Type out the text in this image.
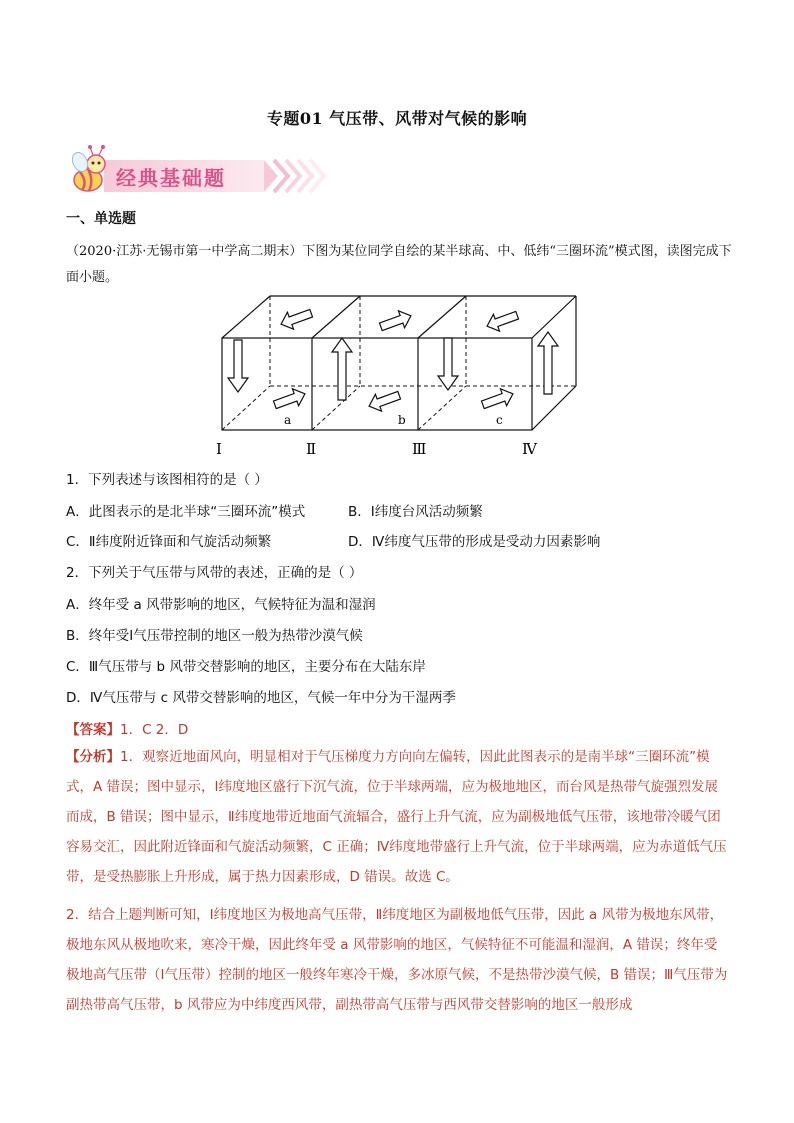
专题01 气压带、风带对气候的影响
经典基础题
一、单选题
（2020·江苏·无锡市第一中学高二期末）下图为某位同学自绘的某半球高、中、低纬“三圈环流”模式图，读图完成下面小题。
a	b	c
Ⅰ	Ⅱ	Ⅲ	Ⅳ
1．下列表述与该图相符的是（ ）
A．此图表示的是北半球“三圈环流”模式	B．Ⅰ纬度台风活动频繁
C．Ⅱ纬度附近锋面和气旋活动频繁	D．Ⅳ纬度气压带的形成是受动力因素影响
2．下列关于气压带与风带的表述，正确的是（ ）
A．终年受 a 风带影响的地区，气候特征为温和湿润
B．终年受Ⅰ气压带控制的地区一般为热带沙漠气候
C．Ⅲ气压带与 b 风带交替影响的地区，主要分布在大陆东岸
D．Ⅳ气压带与 c 风带交替影响的地区，气候一年中分为干湿两季
【答案】1．C 2．D
【分析】1．观察近地面风向，明显相对于气压梯度力方向向左偏转，因此此图表示的是南半球“三圈环流”模式，A 错误；图中显示，Ⅰ纬度地区盛行下沉气流，位于半球两端，应为极地地区，而台风是热带气旋强烈发展而成，B 错误；图中显示，Ⅱ纬度地带近地面气流辐合，盛行上升气流，应为副极地低气压带，该地带冷暖气团容易交汇，因此附近锋面和气旋活动频繁，C 正确；Ⅳ纬度地带盛行上升气流，位于半球两端，应为赤道低气压带，是受热膨胀上升形成，属于热力因素形成，D 错误。故选 C。
2．结合上题判断可知，Ⅰ纬度地区为极地高气压带，Ⅱ纬度地区为副极地低气压带，因此 a 风带为极地东风带，极地东风从极地吹来，寒冷干燥，因此终年受 a 风带影响的地区，气候特征不可能温和湿润，A 错误；终年受极地高气压带（Ⅰ气压带）控制的地区一般终年寒冷干燥，多冰原气候，不是热带沙漠气候，B 错误；Ⅲ气压带为副热带高气压带，b 风带应为中纬度西风带，副热带高气压带与西风带交替影响的地区一般形成
